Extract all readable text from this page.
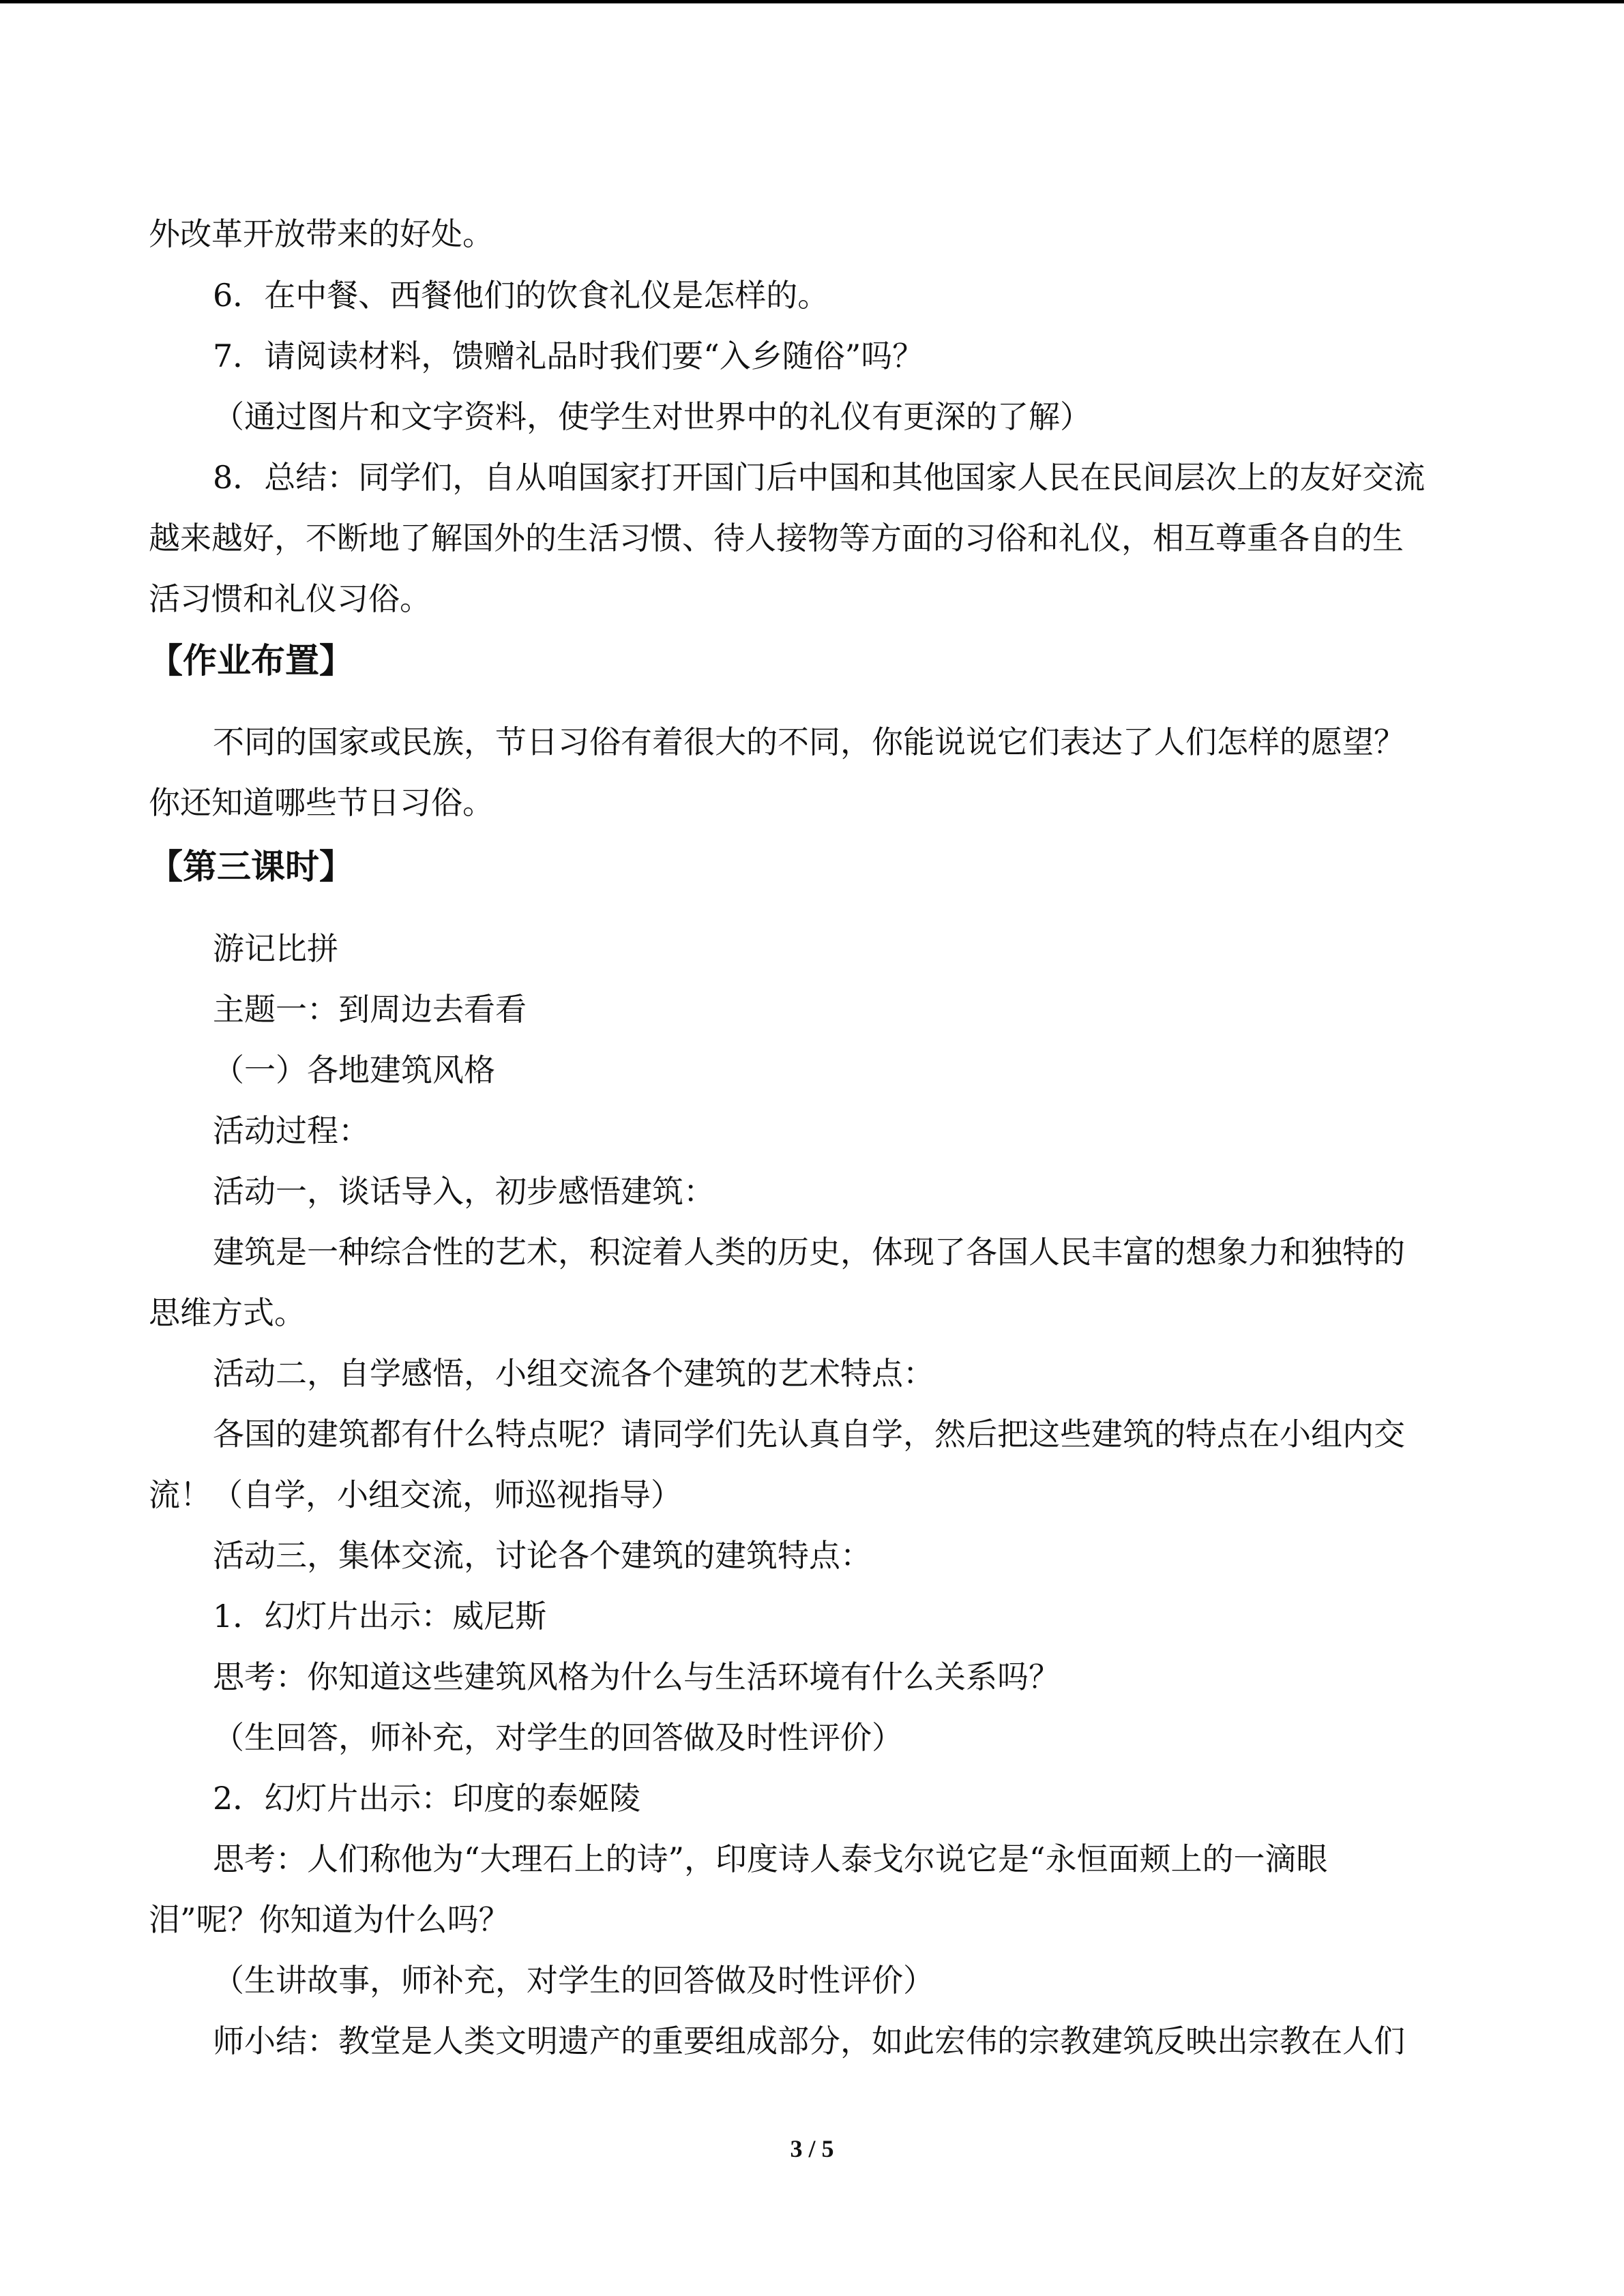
外改革开放带来的好处。
6．在中餐、西餐他们的饮食礼仪是怎样的。
7．请阅读材料，馈赠礼品时我们要“入乡随俗”吗？
（通过图片和文字资料，使学生对世界中的礼仪有更深的了解）
8．总结：同学们，自从咱国家打开国门后中国和其他国家人民在民间层次上的友好交流
越来越好，不断地了解国外的生活习惯、待人接物等方面的习俗和礼仪，相互尊重各自的生
活习惯和礼仪习俗。
【作业布置】
不同的国家或民族，节日习俗有着很大的不同，你能说说它们表达了人们怎样的愿望？
你还知道哪些节日习俗。
【第三课时】
游记比拼
主题一：到周边去看看
（一）各地建筑风格
活动过程：
活动一，谈话导入，初步感悟建筑：
建筑是一种综合性的艺术，积淀着人类的历史，体现了各国人民丰富的想象力和独特的
思维方式。
活动二，自学感悟，小组交流各个建筑的艺术特点：
各国的建筑都有什么特点呢？请同学们先认真自学，然后把这些建筑的特点在小组内交
流！（自学，小组交流，师巡视指导）
活动三，集体交流，讨论各个建筑的建筑特点：
1．幻灯片出示：威尼斯
思考：你知道这些建筑风格为什么与生活环境有什么关系吗？
（生回答，师补充，对学生的回答做及时性评价）
2．幻灯片出示：印度的泰姬陵
思考：人们称他为“大理石上的诗”，印度诗人泰戈尔说它是“永恒面颊上的一滴眼
泪”呢？你知道为什么吗？
（生讲故事，师补充，对学生的回答做及时性评价）
师小结：教堂是人类文明遗产的重要组成部分，如此宏伟的宗教建筑反映出宗教在人们
3 / 5
